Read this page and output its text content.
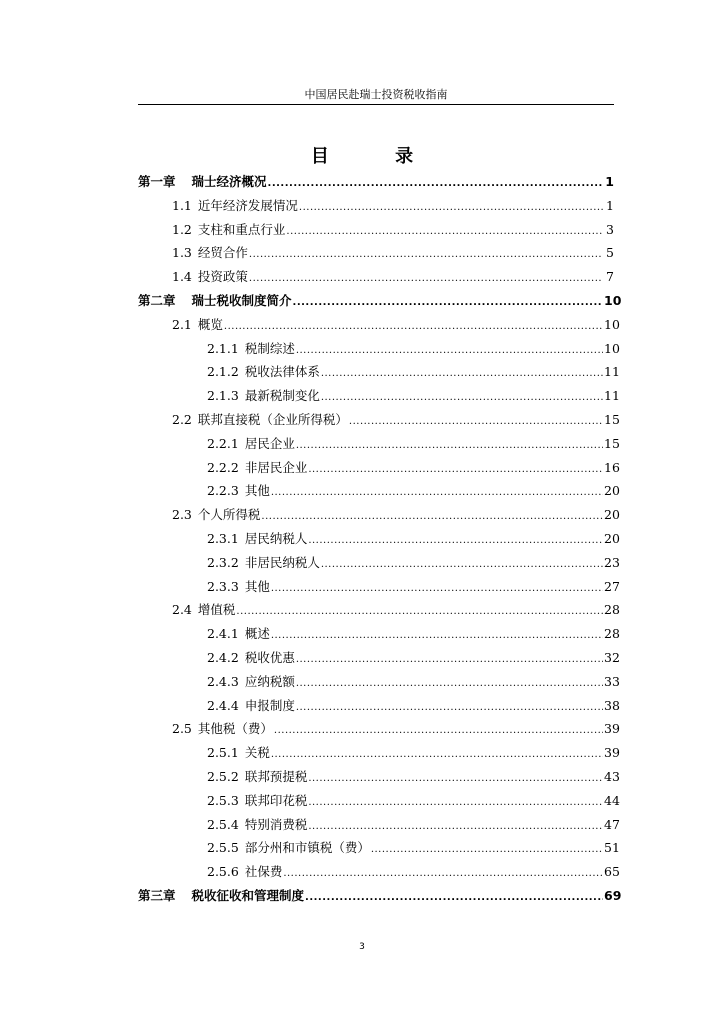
中国居民赴瑞士投资税收指南
目 录
第一章 瑞士经济概况 .....	1
1.1 近年经济发展情况 .....	1
1.2 支柱和重点行业 .....	3
1.3 经贸合作 .....	5
1.4 投资政策 .....	7
第二章 瑞士税收制度简介 .....	10
2.1 概览 .....	10
2.1.1 税制综述 .....	10
2.1.2 税收法律体系 .....	11
2.1.3 最新税制变化 .....	11
2.2 联邦直接税（企业所得税） .....	15
2.2.1 居民企业 .....	15
2.2.2 非居民企业 .....	16
2.2.3 其他 .....	20
2.3 个人所得税 .....	20
2.3.1 居民纳税人 .....	20
2.3.2 非居民纳税人 .....	23
2.3.3 其他 .....	27
2.4 增值税 .....	28
2.4.1 概述 .....	28
2.4.2 税收优惠 .....	32
2.4.3 应纳税额 .....	33
2.4.4 申报制度 .....	38
2.5 其他税（费） .....	39
2.5.1 关税 .....	39
2.5.2 联邦预提税 .....	43
2.5.3 联邦印花税 .....	44
2.5.4 特别消费税 .....	47
2.5.5 部分州和市镇税（费） .....	51
2.5.6 社保费 .....	65
第三章 税收征收和管理制度 .....	69
3
